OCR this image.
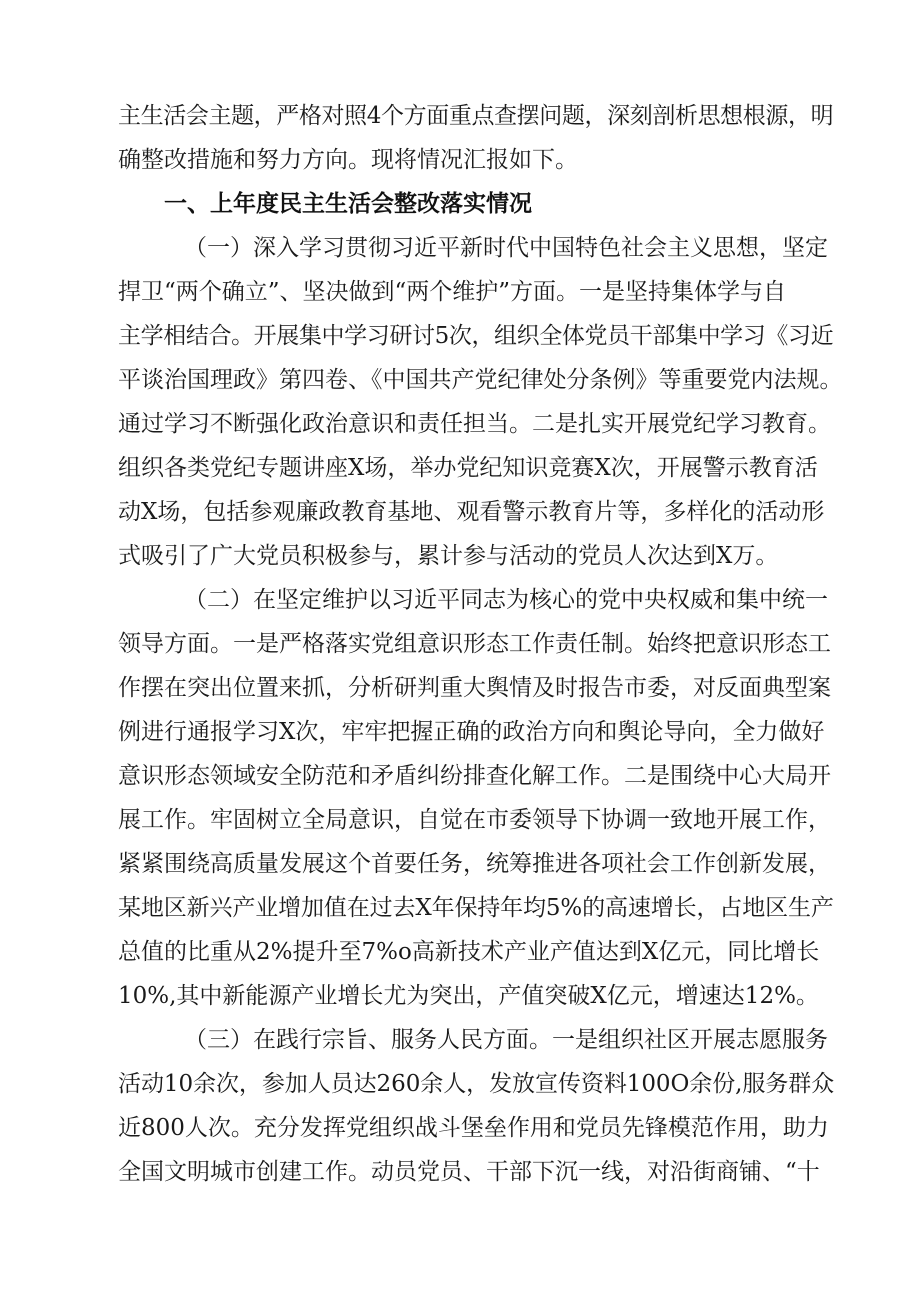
主生活会主题，严格对照4个方面重点查摆问题，深刻剖析思想根源，明
确整改措施和努力方向。现将情况汇报如下。
一、上年度民主生活会整改落实情况
（一）深入学习贯彻习近平新时代中国特色社会主义思想，坚定
捍卫“两个确立”、坚决做到“两个维护”方面。一是坚持集体学与自
主学相结合。开展集中学习研讨5次，组织全体党员干部集中学习《习近
平谈治国理政》第四卷、《中国共产党纪律处分条例》等重要党内法规。
通过学习不断强化政治意识和责任担当。二是扎实开展党纪学习教育。
组织各类党纪专题讲座X场，举办党纪知识竞赛X次，开展警示教育活
动X场，包括参观廉政教育基地、观看警示教育片等，多样化的活动形
式吸引了广大党员积极参与，累计参与活动的党员人次达到X万。
（二）在坚定维护以习近平同志为核心的党中央权威和集中统一
领导方面。一是严格落实党组意识形态工作责任制。始终把意识形态工
作摆在突出位置来抓，分析研判重大舆情及时报告市委，对反面典型案
例进行通报学习X次，牢牢把握正确的政治方向和舆论导向，全力做好
意识形态领域安全防范和矛盾纠纷排查化解工作。二是围绕中心大局开
展工作。牢固树立全局意识，自觉在市委领导下协调一致地开展工作，
紧紧围绕高质量发展这个首要任务，统筹推进各项社会工作创新发展，
某地区新兴产业增加值在过去X年保持年均5%的高速增长，占地区生产
总值的比重从2%提升至7%o高新技术产业产值达到X亿元，同比增长
10%,其中新能源产业增长尤为突出，产值突破X亿元，增速达12%。
（三）在践行宗旨、服务人民方面。一是组织社区开展志愿服务
活动10余次，参加人员达260余人，发放宣传资料100O余份,服务群众
近800人次。充分发挥党组织战斗堡垒作用和党员先锋模范作用，助力
全国文明城市创建工作。动员党员、干部下沉一线，对沿街商铺、“十
